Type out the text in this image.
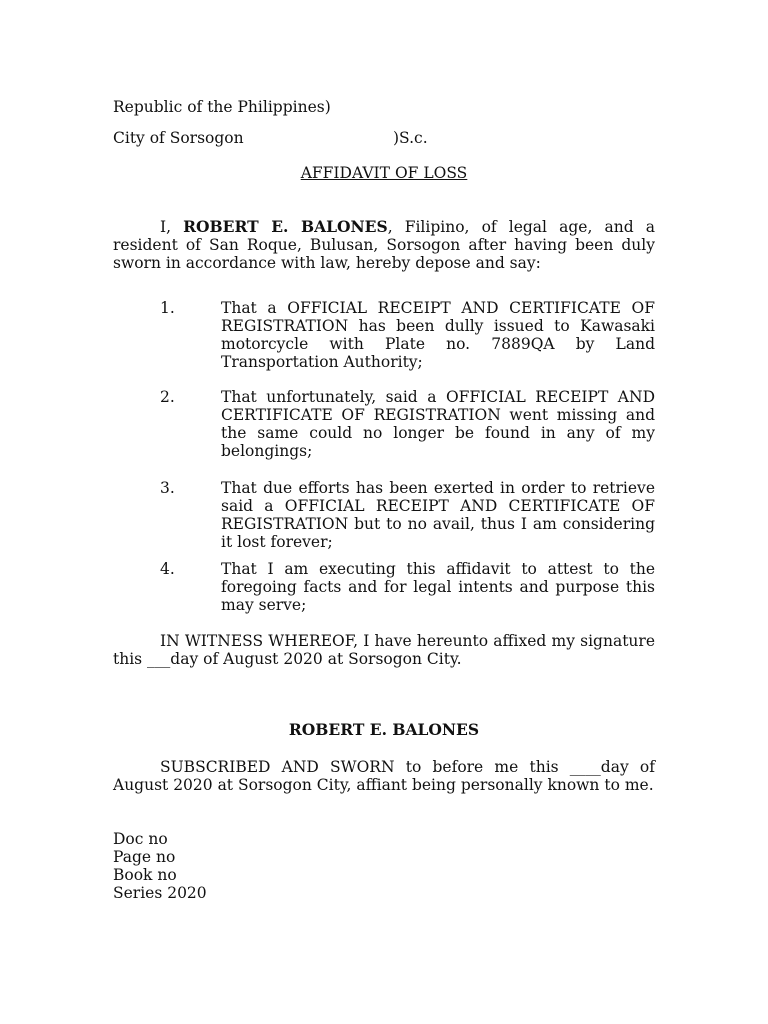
Republic of the Philippines)
City of Sorsogon	)S.c.
AFFIDAVIT OF LOSS
I, ROBERT E. BALONES, Filipino, of legal age, and a resident of San Roque, Bulusan, Sorsogon after having been duly sworn in accordance with law, hereby depose and say:
1.	That a OFFICIAL RECEIPT AND CERTIFICATE OF REGISTRATION has been dully issued to Kawasaki motorcycle with Plate no. 7889QA by Land Transportation Authority;
2.	That unfortunately, said a OFFICIAL RECEIPT AND CERTIFICATE OF REGISTRATION went missing and the same could no longer be found in any of my belongings;
3.	That due efforts has been exerted in order to retrieve said a OFFICIAL RECEIPT AND CERTIFICATE OF REGISTRATION but to no avail, thus I am considering it lost forever;
4.	That I am executing this affidavit to attest to the foregoing facts and for legal intents and purpose this may serve;
IN WITNESS WHEREOF, I have hereunto affixed my signature this ___day of August 2020 at Sorsogon City.
ROBERT E. BALONES
SUBSCRIBED AND SWORN to before me this ____day of August 2020 at Sorsogon City, affiant being personally known to me.
Doc no
Page no
Book no
Series 2020
